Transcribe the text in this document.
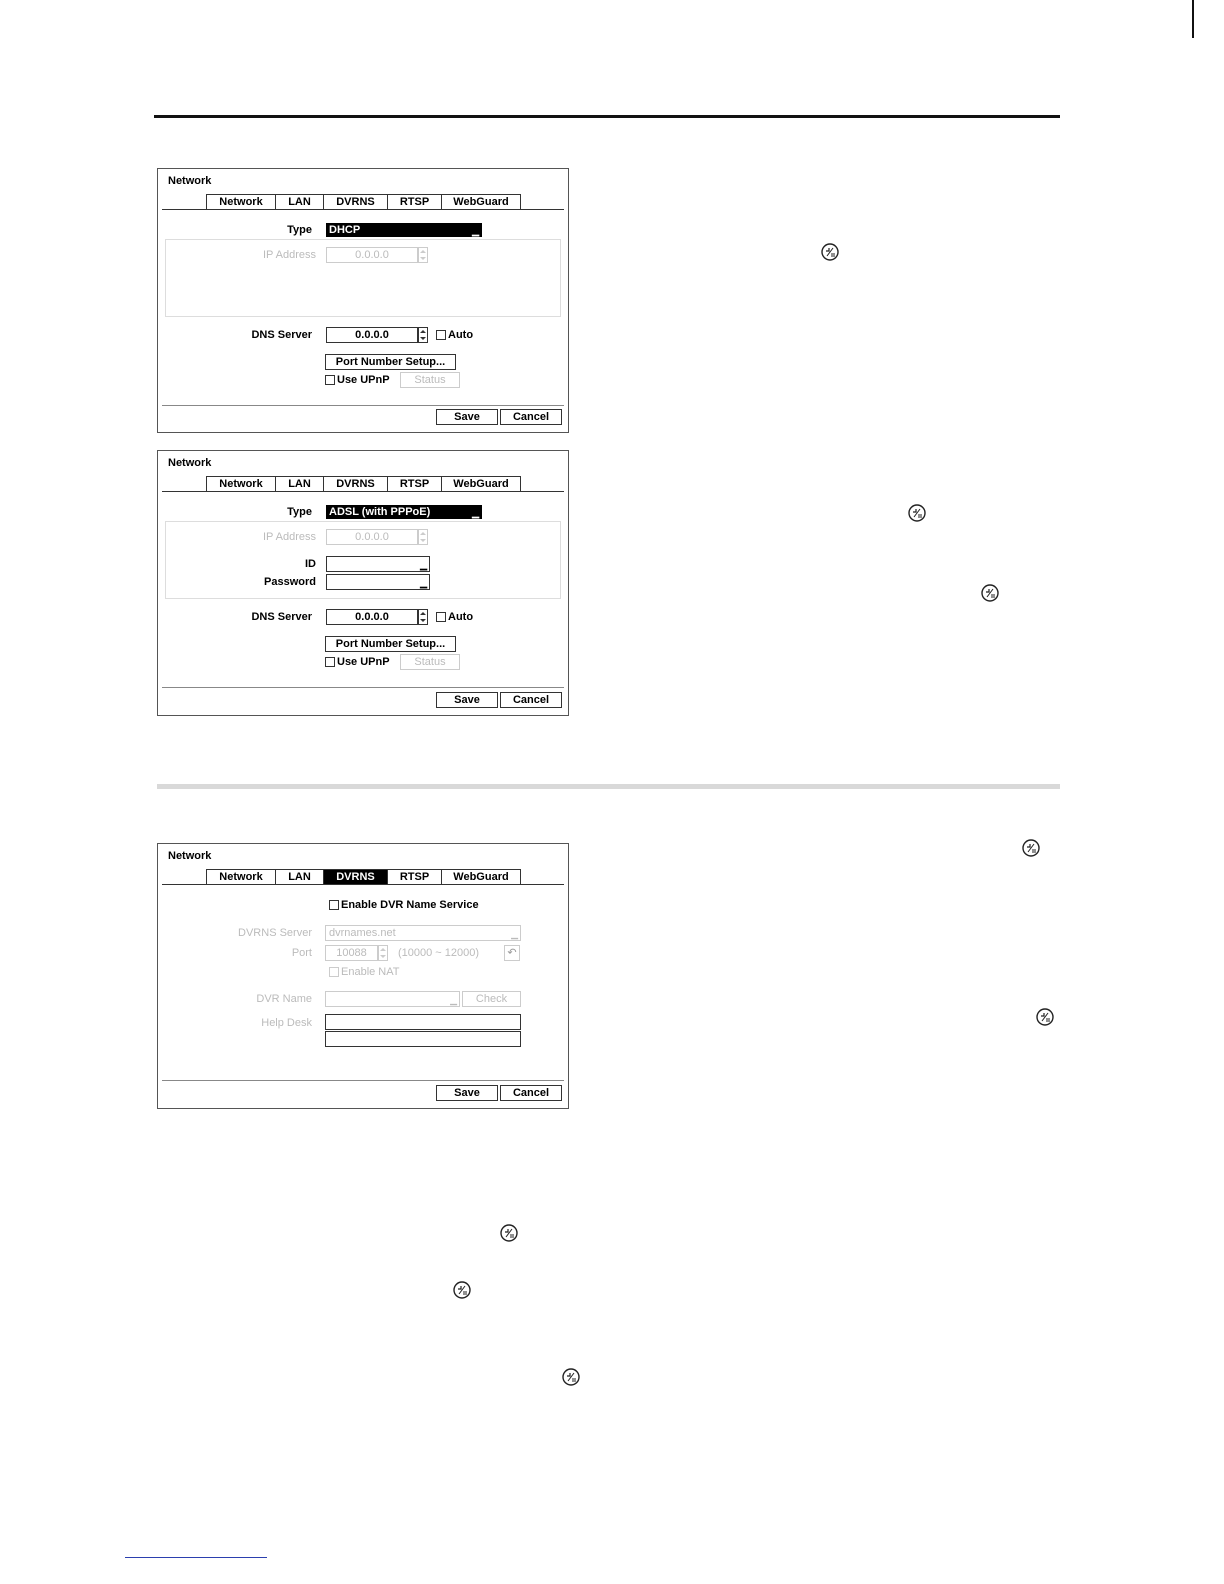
Network
Network	LAN	DVRNS	RTSP	WebGuard
Type DHCP	▁
IP Address	0.0.0.0
DNS Server	0.0.0.0	Auto
Port Number Setup...
Use UPnP	Status
Save	Cancel
Network
Network	LAN	DVRNS	RTSP	WebGuard
Type ADSL (with PPPoE)	▁
IP Address	0.0.0.0
ID	▁
Password	▁
DNS Server	0.0.0.0	Auto
Port Number Setup...
Use UPnP	Status
Save	Cancel
Network
Network	LAN	DVRNS	RTSP	WebGuard
Enable DVR Name Service
DVRNS Server	dvrnames.net	▁
Port	10088	(10000 ~ 12000)	↶
Enable NAT
DVR Name	▁	Check
Help Desk
Save	Cancel
